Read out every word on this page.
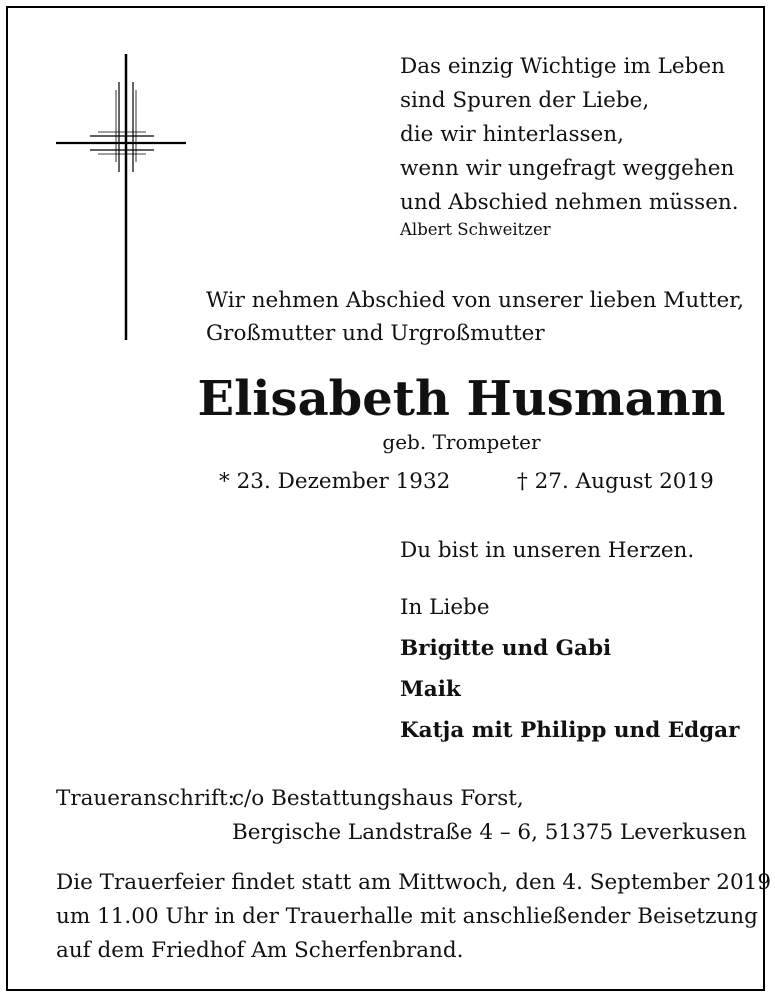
Das einzig Wichtige im Leben
sind Spuren der Liebe,
die wir hinterlassen,
wenn wir ungefragt weggehen
und Abschied nehmen müssen.
Albert Schweitzer
Wir nehmen Abschied von unserer lieben Mutter,
Großmutter und Urgroßmutter
Elisabeth Husmann
geb. Trompeter
* 23. Dezember 1932	† 27. August 2019
Du bist in unseren Herzen.
In Liebe
Brigitte und Gabi
Maik
Katja mit Philipp und Edgar
Traueranschrift:
c/o Bestattungshaus Forst,
Bergische Landstraße 4 – 6, 51375 Leverkusen
Die Trauerfeier findet statt am Mittwoch, den 4. September 2019
um 11.00 Uhr in der Trauerhalle mit anschließender Beisetzung
auf dem Friedhof Am Scherfenbrand.
